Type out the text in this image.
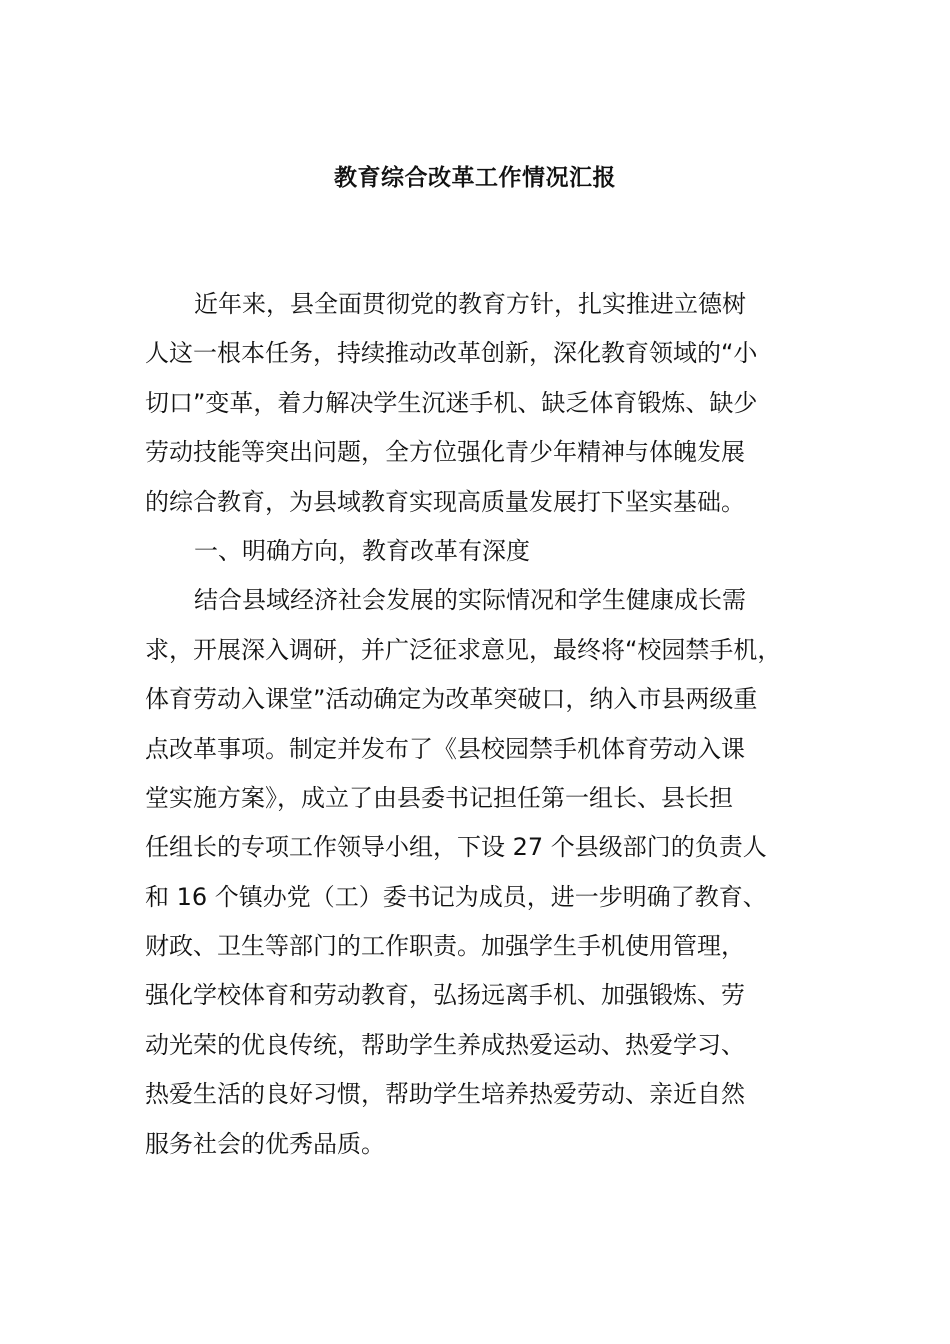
教育综合改革工作情况汇报
近年来，县全面贯彻党的教育方针，扎实推进立德树
人这一根本任务，持续推动改革创新，深化教育领域的“小
切口”变革，着力解决学生沉迷手机、缺乏体育锻炼、缺少
劳动技能等突出问题，全方位强化青少年精神与体魄发展
的综合教育，为县域教育实现高质量发展打下坚实基础。
一、明确方向，教育改革有深度
结合县域经济社会发展的实际情况和学生健康成长需
求，开展深入调研，并广泛征求意见，最终将“校园禁手机，
体育劳动入课堂”活动确定为改革突破口，纳入市县两级重
点改革事项。制定并发布了《县校园禁手机体育劳动入课
堂实施方案》，成立了由县委书记担任第一组长、县长担
任组长的专项工作领导小组，下设 27 个县级部门的负责人
和 16 个镇办党（工）委书记为成员，进一步明确了教育、
财政、卫生等部门的工作职责。加强学生手机使用管理，
强化学校体育和劳动教育，弘扬远离手机、加强锻炼、劳
动光荣的优良传统，帮助学生养成热爱运动、热爱学习、
热爱生活的良好习惯，帮助学生培养热爱劳动、亲近自然
服务社会的优秀品质。
